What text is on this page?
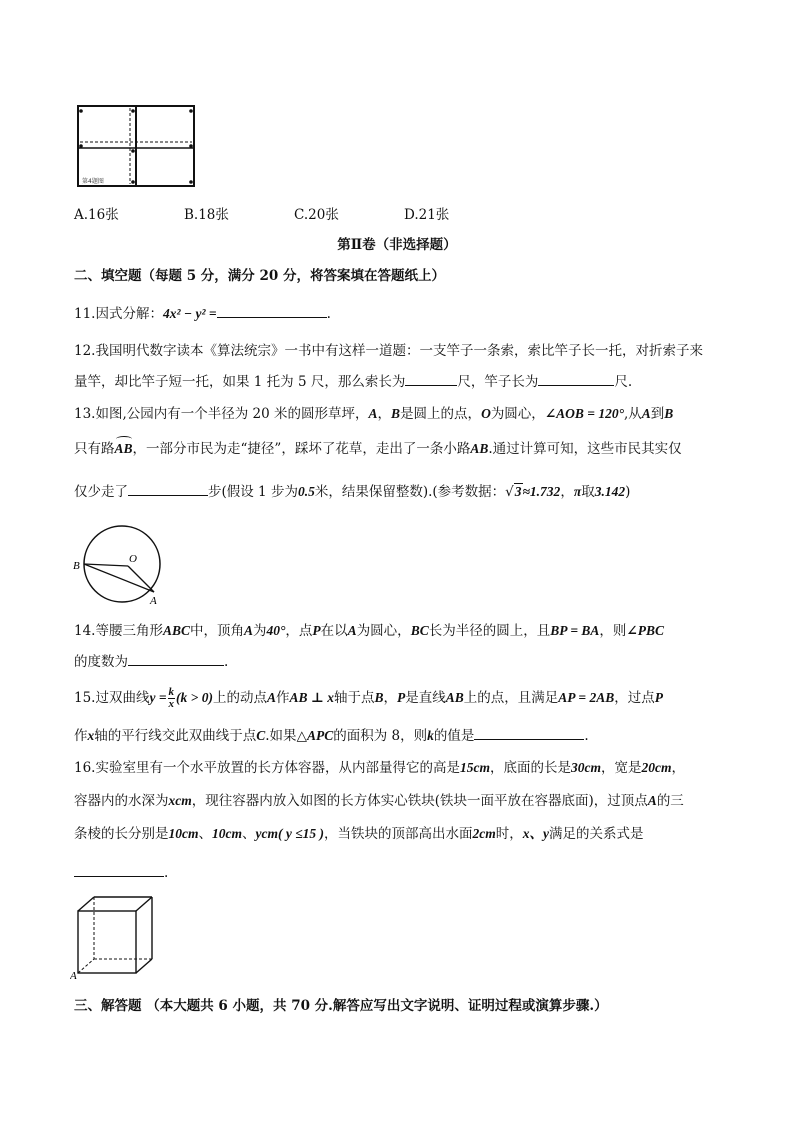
第4题图
A.16张	B.18张	C.20张	D.21张
第Ⅱ卷（非选择题）
二、填空题（每题 5 分，满分 20 分，将答案填在答题纸上）
11.因式分解：4x² − y² =	.
12.我国明代数字读本《算法统宗》一书中有这样一道题：一支竿子一条索，索比竿子长一托，对折索子来
量竿，却比竿子短一托，如果 1 托为 5 尺，那么索长为	尺，竿子长为	尺.
13.如图,公园内有一个半径为 20 米的圆形草坪，A，B是圆上的点，O为圆心，∠AOB = 120°,从A到B
只有路AB，一部分市民为走“捷径”，踩坏了花草，走出了一条小路AB.通过计算可知，这些市民其实仅
仅少走了	步(假设 1 步为0.5米，结果保留整数).(参考数据：√3≈1.732，π取3.142)
B
O
A
14.等腰三角形ABC中，顶角A为40°，点P在以A为圆心，BC长为半径的圆上，且BP = BA，则∠PBC
的度数为	.
15.过双曲线$y = \frac{k}{x} (k > 0)$上的动点A作AB ⊥ x轴于点B，P是直线AB上的点，且满足AP = 2AB，过点P
作x轴的平行线交此双曲线于点C.如果△APC的面积为 8，则k的值是	.
16.实验室里有一个水平放置的长方体容器，从内部量得它的高是15cm，底面的长是30cm，宽是20cm，
容器内的水深为xcm，现往容器内放入如图的长方体实心铁块(铁块一面平放在容器底面)，过顶点A的三
条棱的长分别是10cm、10cm、ycm( y ≤15 )，当铁块的顶部高出水面2cm时，x、y满足的关系式是
.
A
三、解答题 （本大题共 6 小题，共 70 分.解答应写出文字说明、证明过程或演算步骤.）
